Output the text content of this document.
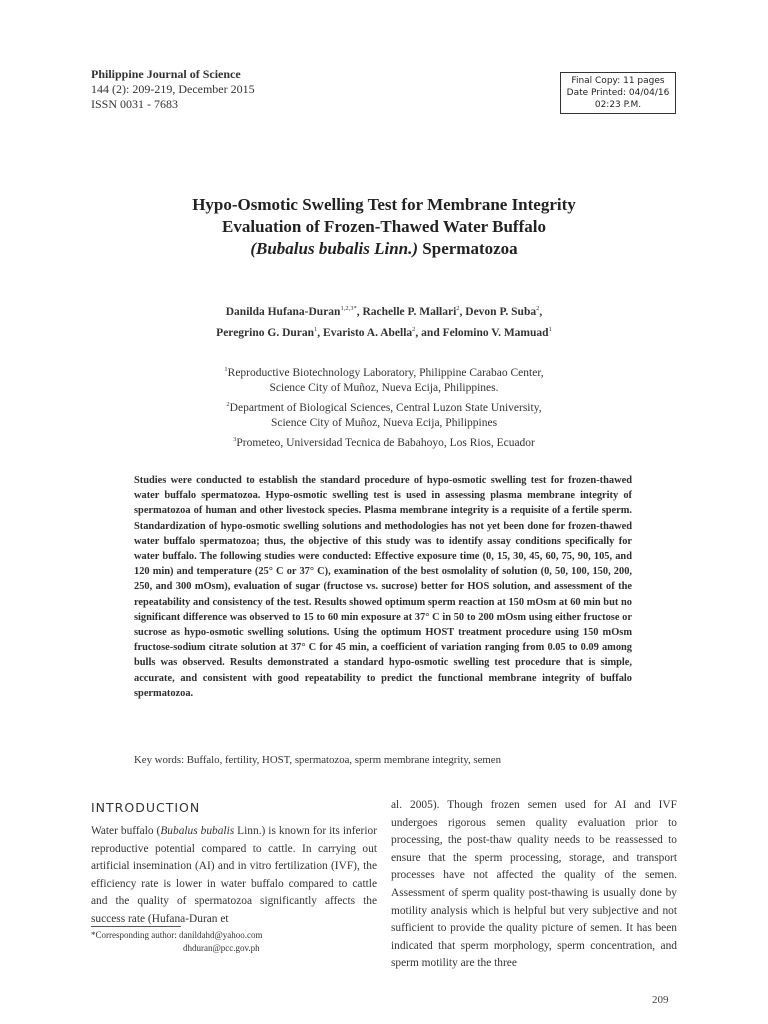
Philippine Journal of Science
144 (2): 209-219, December 2015
ISSN 0031 - 7683
Final Copy: 11 pages
Date Printed: 04/04/16
02:23 P.M.
Hypo-Osmotic Swelling Test for Membrane Integrity
Evaluation of Frozen-Thawed Water Buffalo
(Bubalus bubalis Linn.) Spermatozoa
Danilda Hufana-Duran$^{1,2,3*}$, Rachelle P. Mallari$^2$, Devon P. Suba$^2$,
Peregrino G. Duran$^1$, Evaristo A. Abella$^2$, and Felomino V. Mamuad$^1$
$^1$Reproductive Biotechnology Laboratory, Philippine Carabao Center,
Science City of Muñoz, Nueva Ecija, Philippines.
$^2$Department of Biological Sciences, Central Luzon State University,
Science City of Muñoz, Nueva Ecija, Philippines
$^3$Prometeo, Universidad Tecnica de Babahoyo, Los Rios, Ecuador
Studies were conducted to establish the standard procedure of hypo-osmotic swelling test for frozen-thawed water buffalo spermatozoa. Hypo-osmotic swelling test is used in assessing plasma membrane integrity of spermatozoa of human and other livestock species. Plasma membrane integrity is a requisite of a fertile sperm. Standardization of hypo-osmotic swelling solutions and methodologies has not yet been done for frozen-thawed water buffalo spermatozoa; thus, the objective of this study was to identify assay conditions specifically for water buffalo. The following studies were conducted: Effective exposure time (0, 15, 30, 45, 60, 75, 90, 105, and 120 min) and temperature (25° C or 37° C), examination of the best osmolality of solution (0, 50, 100, 150, 200, 250, and 300 mOsm), evaluation of sugar (fructose vs. sucrose) better for HOS solution, and assessment of the repeatability and consistency of the test. Results showed optimum sperm reaction at 150 mOsm at 60 min but no significant difference was observed to 15 to 60 min exposure at 37° C in 50 to 200 mOsm using either fructose or sucrose as hypo-osmotic swelling solutions. Using the optimum HOST treatment procedure using 150 mOsm fructose-sodium citrate solution at 37° C for 45 min, a coefficient of variation ranging from 0.05 to 0.09 among bulls was observed. Results demonstrated a standard hypo-osmotic swelling test procedure that is simple, accurate, and consistent with good repeatability to predict the functional membrane integrity of buffalo spermatozoa.
Key words: Buffalo, fertility, HOST, spermatozoa, sperm membrane integrity, semen
INTRODUCTION
Water buffalo (Bubalus bubalis Linn.) is known for its inferior reproductive potential compared to cattle. In carrying out artificial insemination (AI) and in vitro fertilization (IVF), the efficiency rate is lower in water buffalo compared to cattle and the quality of spermatozoa significantly affects the success rate (Hufana-Duran et
al. 2005). Though frozen semen used for AI and IVF undergoes rigorous semen quality evaluation prior to processing, the post-thaw quality needs to be reassessed to ensure that the sperm processing, storage, and transport processes have not affected the quality of the semen. Assessment of sperm quality post-thawing is usually done by motility analysis which is helpful but very subjective and not sufficient to provide the quality picture of semen. It has been indicated that sperm morphology, sperm concentration, and sperm motility are the three
*Corresponding author: danildahd@yahoo.com
dhduran@pcc.gov.ph
209
